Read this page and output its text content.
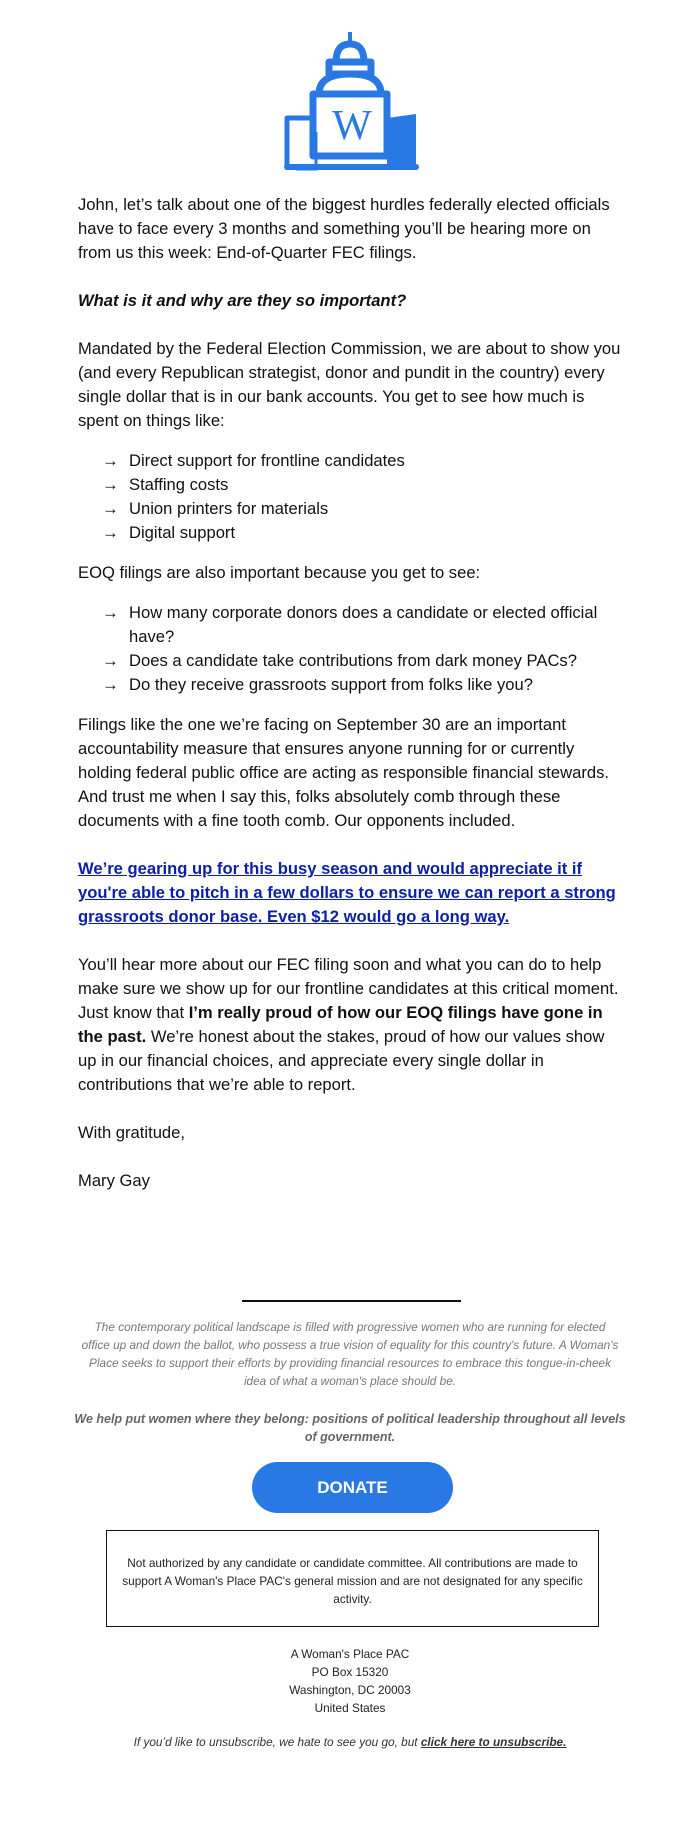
W

John, let’s talk about one of the biggest hurdles federally elected officials have to face every 3 months and something you’ll be hearing more on from us this week: End-of-Quarter FEC filings.

What is it and why are they so important?

Mandated by the Federal Election Commission, we are about to show you (and every Republican strategist, donor and pundit in the country) every single dollar that is in our bank accounts. You get to see how much is spent on things like:

→ Direct support for frontline candidates
→ Staffing costs
→ Union printers for materials
→ Digital support

EOQ filings are also important because you get to see:

→ How many corporate donors does a candidate or elected official have?
→ Does a candidate take contributions from dark money PACs?
→ Do they receive grassroots support from folks like you?

Filings like the one we’re facing on September 30 are an important accountability measure that ensures anyone running for or currently holding federal public office are acting as responsible financial stewards. And trust me when I say this, folks absolutely comb through these documents with a fine tooth comb. Our opponents included.

We’re gearing up for this busy season and would appreciate it if you're able to pitch in a few dollars to ensure we can report a strong grassroots donor base. Even $12 would go a long way.

You’ll hear more about our FEC filing soon and what you can do to help make sure we show up for our frontline candidates at this critical moment. Just know that I’m really proud of how our EOQ filings have gone in the past. We’re honest about the stakes, proud of how our values show up in our financial choices, and appreciate every single dollar in contributions that we’re able to report.

With gratitude,

Mary Gay

The contemporary political landscape is filled with progressive women who are running for elected office up and down the ballot, who possess a true vision of equality for this country's future. A Woman's Place seeks to support their efforts by providing financial resources to embrace this tongue-in-cheek idea of what a woman's place should be.

We help put women where they belong: positions of political leadership throughout all levels of government.

DONATE
Not authorized by any candidate or candidate committee. All contributions are made to support A Woman's Place PAC's general mission and are not designated for any specific activity.
A Woman's Place PAC
PO Box 15320
Washington, DC 20003
United States
If you’d like to unsubscribe, we hate to see you go, but click here to unsubscribe.
